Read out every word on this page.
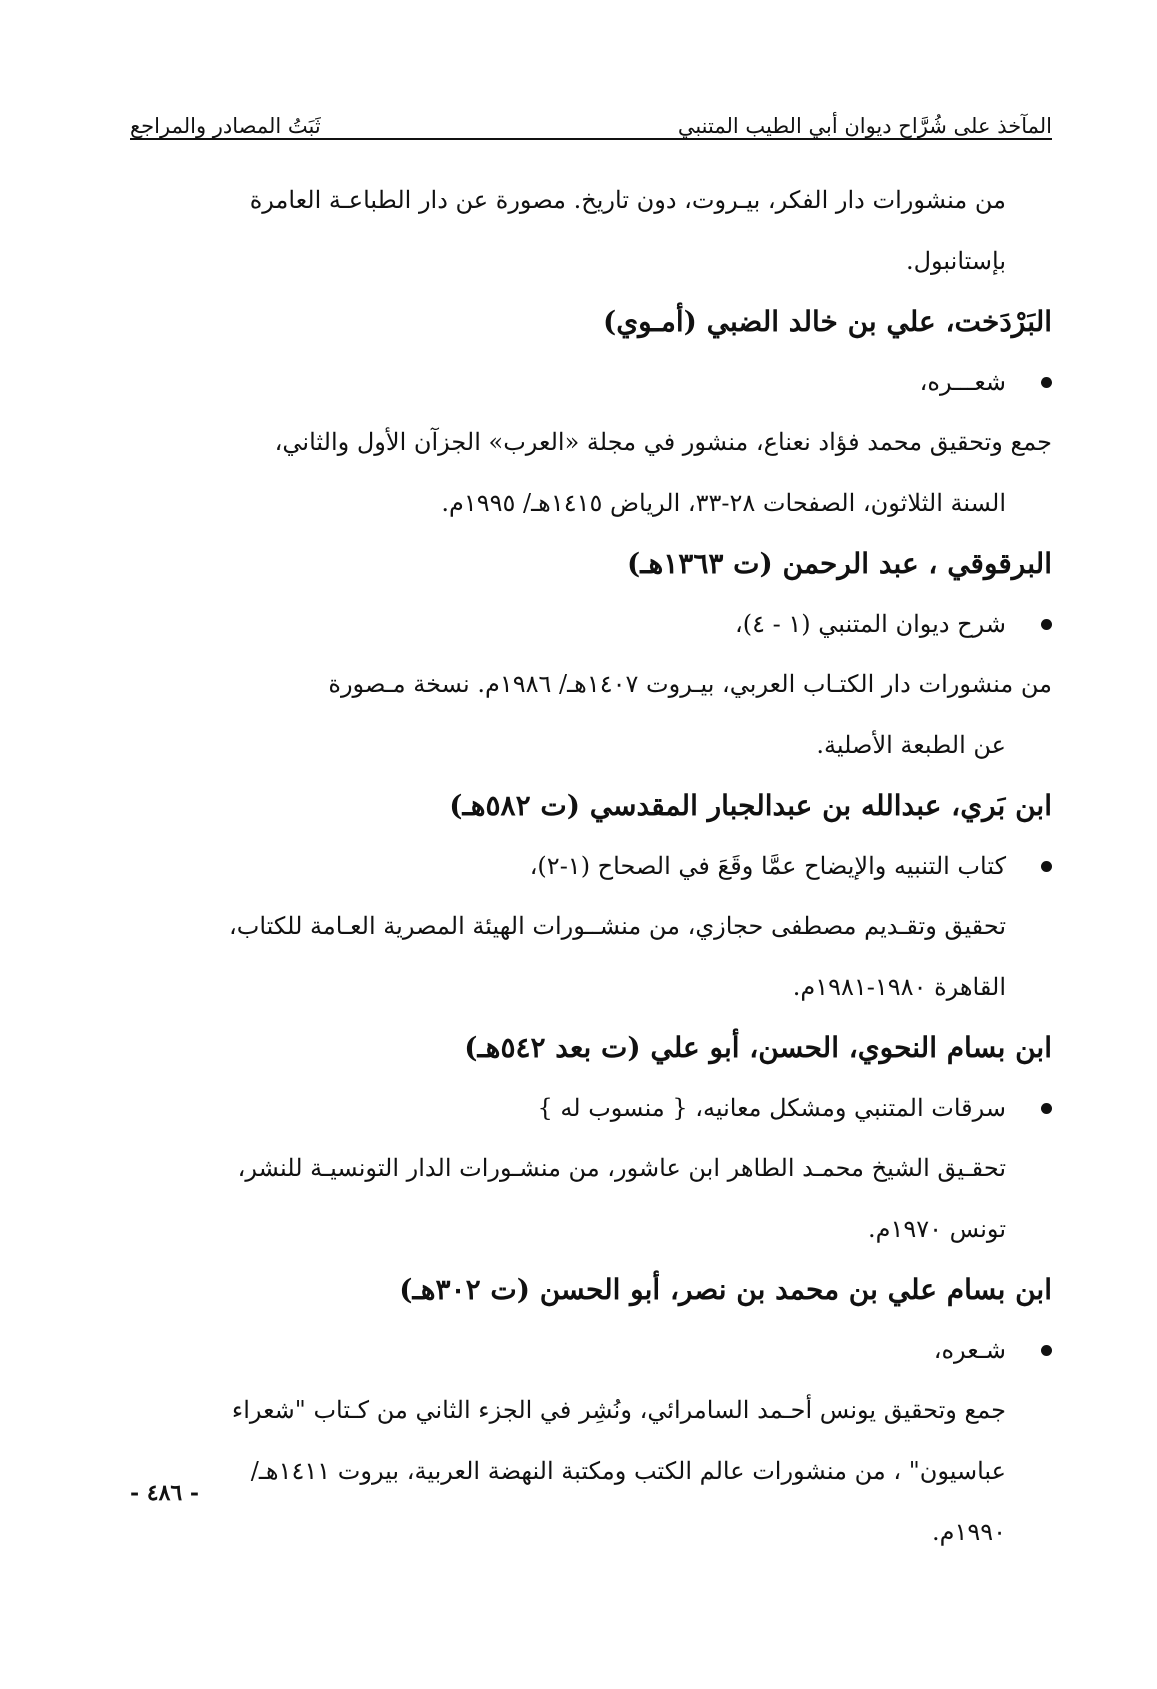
المآخذ على شُرَّاح ديوان أبي الطيب المتنبي
ثَبَتُ المصادر والمراجع
من منشورات دار الفكر، بيـروت، دون تاريخ. مصورة عن دار الطباعـة العامرة
بإستانبول.
البَرْدَخت، علي بن خالد الضبي (أمـوي)
شعـــره،
جمع وتحقيق محمد فؤاد نعناع، منشور في مجلة «العرب» الجزآن الأول والثاني،
السنة الثلاثون، الصفحات ٢٨-٣٣، الرياض ١٤١٥هـ/ ١٩٩٥م.
البرقوقي ، عبد الرحمن (ت ١٣٦٣هـ)
شرح ديوان المتنبي (١ - ٤)،
من منشورات دار الكتـاب العربي، بيـروت ١٤٠٧هـ/ ١٩٨٦م. نسخة مـصورة
عن الطبعة الأصلية.
ابن بَري، عبدالله بن عبدالجبار المقدسي (ت ٥٨٢هـ)
كتاب التنبيه والإيضاح عمَّا وقَعَ في الصحاح (١-٢)،
تحقيق وتقـديم مصطفى حجازي، من منشــورات الهيئة المصرية العـامة للكتاب،
القاهرة ١٩٨٠-١٩٨١م.
ابن بسام النحوي، الحسن، أبو علي (ت بعد ٥٤٢هـ)
سرقات المتنبي ومشكل معانيه، { منسوب له }
تحقـيق الشيخ محمـد الطاهر ابن عاشور، من منشـورات الدار التونسيـة للنشر،
تونس ١٩٧٠م.
ابن بسام علي بن محمد بن نصر، أبو الحسن (ت ٣٠٢هـ)
شـعره،
جمع وتحقيق يونس أحـمد السامرائي، ونُشِر في الجزء الثاني من كـتاب "شعراء
عباسيون" ، من منشورات عالم الكتب ومكتبة النهضة العربية، بيروت ١٤١١هـ/
١٩٩٠م.
- ٤٨٦ -
